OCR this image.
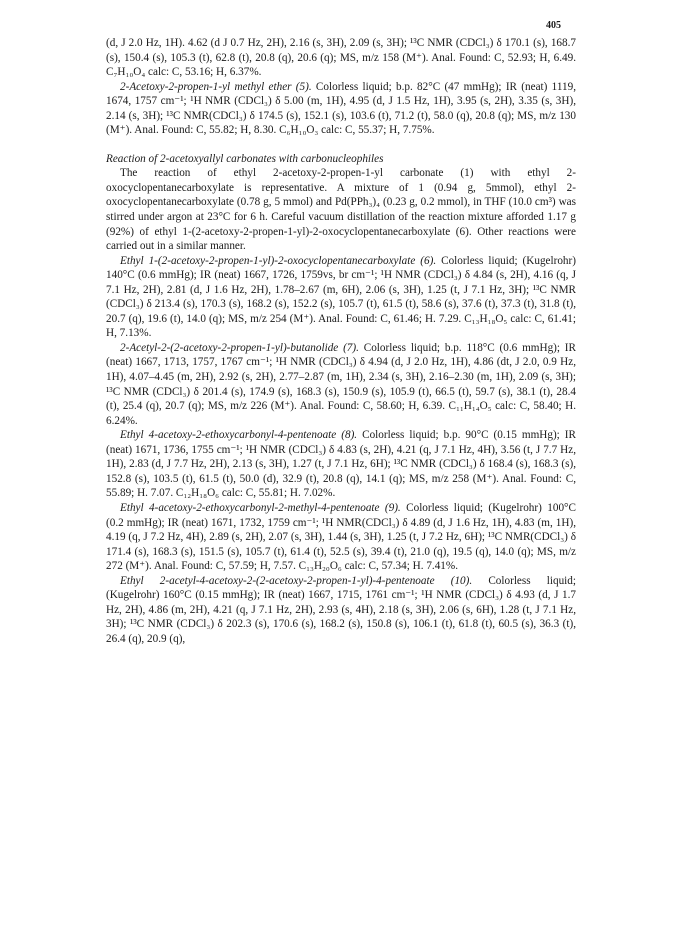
405

(d, J 2.0 Hz, 1H). 4.62 (d J 0.7 Hz, 2H), 2.16 (s, 3H), 2.09 (s, 3H); ¹³C NMR (CDCl₃) δ 170.1 (s), 168.7 (s), 150.4 (s), 105.3 (t), 62.8 (t), 20.8 (q), 20.6 (q); MS, m/z 158 (M⁺). Anal. Found: C, 52.93; H, 6.49. C₇H₁₀O₄ calc: C, 53.16; H, 6.37%.

2-Acetoxy-2-propen-1-yl methyl ether (5). Colorless liquid; b.p. 82°C (47 mmHg); IR (neat) 1119, 1674, 1757 cm⁻¹; ¹H NMR (CDCl₃) δ 5.00 (m, 1H), 4.95 (d, J 1.5 Hz, 1H), 3.95 (s, 2H), 3.35 (s, 3H), 2.14 (s, 3H); ¹³C NMR(CDCl₃) δ 174.5 (s), 152.1 (s), 103.6 (t), 71.2 (t), 58.0 (q), 20.8 (q); MS, m/z 130 (M⁺). Anal. Found: C, 55.82; H, 8.30. C₆H₁₀O₃ calc: C, 55.37; H, 7.75%.

Reaction of 2-acetoxyallyl carbonates with carbonucleophiles

The reaction of ethyl 2-acetoxy-2-propen-1-yl carbonate (1) with ethyl 2-oxocyclopentanecarboxylate is representative. A mixture of 1 (0.94 g, 5mmol), ethyl 2-oxocyclopentanecarboxylate (0.78 g, 5 mmol) and Pd(PPh₃)₄ (0.23 g, 0.2 mmol), in THF (10.0 cm³) was stirred under argon at 23°C for 6 h. Careful vacuum distillation of the reaction mixture afforded 1.17 g (92%) of ethyl 1-(2-acetoxy-2-propen-1-yl)-2-oxocyclopentanecarboxylate (6). Other reactions were carried out in a similar manner.

Ethyl 1-(2-acetoxy-2-propen-1-yl)-2-oxocyclopentanecarboxylate (6). Colorless liquid; (Kugelrohr) 140°C (0.6 mmHg); IR (neat) 1667, 1726, 1759vs, br cm⁻¹; ¹H NMR (CDCl₃) δ 4.84 (s, 2H), 4.16 (q, J 7.1 Hz, 2H), 2.81 (d, J 1.6 Hz, 2H), 1.78–2.67 (m, 6H), 2.06 (s, 3H), 1.25 (t, J 7.1 Hz, 3H); ¹³C NMR (CDCl₃) δ 213.4 (s), 170.3 (s), 168.2 (s), 152.2 (s), 105.7 (t), 61.5 (t), 58.6 (s), 37.6 (t), 37.3 (t), 31.8 (t), 20.7 (q), 19.6 (t), 14.0 (q); MS, m/z 254 (M⁺). Anal. Found: C, 61.46; H. 7.29. C₁₃H₁₈O₅ calc: C, 61.41; H, 7.13%.

2-Acetyl-2-(2-acetoxy-2-propen-1-yl)-butanolide (7). Colorless liquid; b.p. 118°C (0.6 mmHg); IR (neat) 1667, 1713, 1757, 1767 cm⁻¹; ¹H NMR (CDCl₃) δ 4.94 (d, J 2.0 Hz, 1H), 4.86 (dt, J 2.0, 0.9 Hz, 1H), 4.07–4.45 (m, 2H), 2.92 (s, 2H), 2.77–2.87 (m, 1H), 2.34 (s, 3H), 2.16–2.30 (m, 1H), 2.09 (s, 3H); ¹³C NMR (CDCl₃) δ 201.4 (s), 174.9 (s), 168.3 (s), 150.9 (s), 105.9 (t), 66.5 (t), 59.7 (s), 38.1 (t), 28.4 (t), 25.4 (q), 20.7 (q); MS, m/z 226 (M⁺). Anal. Found: C, 58.60; H, 6.39. C₁₁H₁₄O₅ calc: C, 58.40; H. 6.24%.

Ethyl 4-acetoxy-2-ethoxycarbonyl-4-pentenoate (8). Colorless liquid; b.p. 90°C (0.15 mmHg); IR (neat) 1671, 1736, 1755 cm⁻¹; ¹H NMR (CDCl₃) δ 4.83 (s, 2H), 4.21 (q, J 7.1 Hz, 4H), 3.56 (t, J 7.7 Hz, 1H), 2.83 (d, J 7.7 Hz, 2H), 2.13 (s, 3H), 1.27 (t, J 7.1 Hz, 6H); ¹³C NMR (CDCl₃) δ 168.4 (s), 168.3 (s), 152.8 (s), 103.5 (t), 61.5 (t), 50.0 (d), 32.9 (t), 20.8 (q), 14.1 (q); MS, m/z 258 (M⁺). Anal. Found: C, 55.89; H. 7.07. C₁₂H₁₈O₆ calc: C, 55.81; H. 7.02%.

Ethyl 4-acetoxy-2-ethoxycarbonyl-2-methyl-4-pentenoate (9). Colorless liquid; (Kugelrohr) 100°C (0.2 mmHg); IR (neat) 1671, 1732, 1759 cm⁻¹; ¹H NMR(CDCl₃) δ 4.89 (d, J 1.6 Hz, 1H), 4.83 (m, 1H), 4.19 (q, J 7.2 Hz, 4H), 2.89 (s, 2H), 2.07 (s, 3H), 1.44 (s, 3H), 1.25 (t, J 7.2 Hz, 6H); ¹³C NMR(CDCl₃) δ 171.4 (s), 168.3 (s), 151.5 (s), 105.7 (t), 61.4 (t), 52.5 (s), 39.4 (t), 21.0 (q), 19.5 (q), 14.0 (q); MS, m/z 272 (M⁺). Anal. Found: C, 57.59; H, 7.57. C₁₃H₂₀O₆ calc: C, 57.34; H. 7.41%.

Ethyl 2-acetyl-4-acetoxy-2-(2-acetoxy-2-propen-1-yl)-4-pentenoate (10). Colorless liquid; (Kugelrohr) 160°C (0.15 mmHg); IR (neat) 1667, 1715, 1761 cm⁻¹; ¹H NMR (CDCl₃) δ 4.93 (d, J 1.7 Hz, 2H), 4.86 (m, 2H), 4.21 (q, J 7.1 Hz, 2H), 2.93 (s, 4H), 2.18 (s, 3H), 2.06 (s, 6H), 1.28 (t, J 7.1 Hz, 3H); ¹³C NMR (CDCl₃) δ 202.3 (s), 170.6 (s), 168.2 (s), 150.8 (s), 106.1 (t), 61.8 (t), 60.5 (s), 36.3 (t), 26.4 (q), 20.9 (q),
